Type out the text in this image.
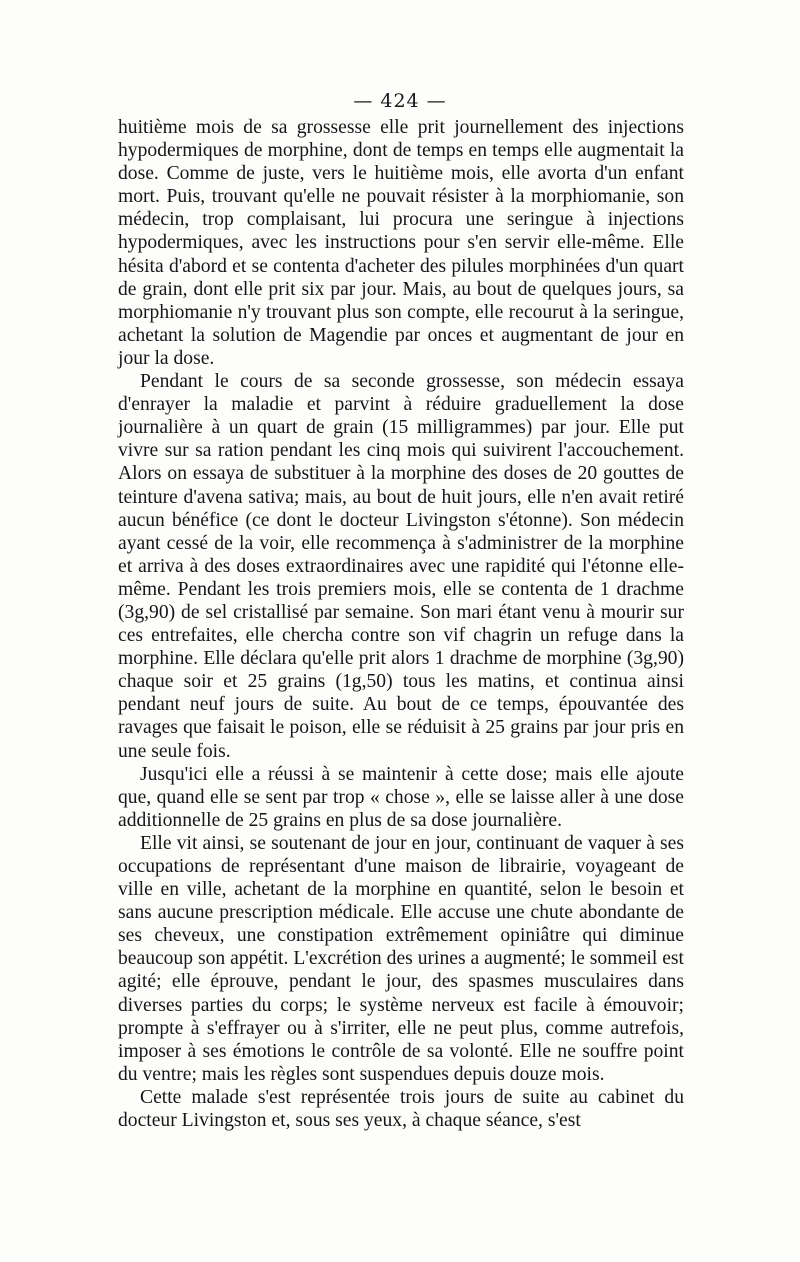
— 424 —

huitième mois de sa grossesse elle prit journellement des injections hypodermiques de morphine, dont de temps en temps elle augmentait la dose. Comme de juste, vers le huitième mois, elle avorta d'un enfant mort. Puis, trouvant qu'elle ne pouvait résister à la morphiomanie, son médecin, trop complaisant, lui procura une seringue à injections hypodermiques, avec les instructions pour s'en servir elle-même. Elle hésita d'abord et se contenta d'acheter des pilules morphinées d'un quart de grain, dont elle prit six par jour. Mais, au bout de quelques jours, sa morphiomanie n'y trouvant plus son compte, elle recourut à la seringue, achetant la solution de Magendie par onces et augmentant de jour en jour la dose.

Pendant le cours de sa seconde grossesse, son médecin essaya d'enrayer la maladie et parvint à réduire graduellement la dose journalière à un quart de grain (15 milligrammes) par jour. Elle put vivre sur sa ration pendant les cinq mois qui suivirent l'accouchement. Alors on essaya de substituer à la morphine des doses de 20 gouttes de teinture d'avena sativa; mais, au bout de huit jours, elle n'en avait retiré aucun bénéfice (ce dont le docteur Livingston s'étonne). Son médecin ayant cessé de la voir, elle recommença à s'administrer de la morphine et arriva à des doses extraordinaires avec une rapidité qui l'étonne elle-même. Pendant les trois premiers mois, elle se contenta de 1 drachme (3g,90) de sel cristallisé par semaine. Son mari étant venu à mourir sur ces entrefaites, elle chercha contre son vif chagrin un refuge dans la morphine. Elle déclara qu'elle prit alors 1 drachme de morphine (3g,90) chaque soir et 25 grains (1g,50) tous les matins, et continua ainsi pendant neuf jours de suite. Au bout de ce temps, épouvantée des ravages que faisait le poison, elle se réduisit à 25 grains par jour pris en une seule fois.

Jusqu'ici elle a réussi à se maintenir à cette dose; mais elle ajoute que, quand elle se sent par trop « chose », elle se laisse aller à une dose additionnelle de 25 grains en plus de sa dose journalière.

Elle vit ainsi, se soutenant de jour en jour, continuant de vaquer à ses occupations de représentant d'une maison de librairie, voyageant de ville en ville, achetant de la morphine en quantité, selon le besoin et sans aucune prescription médicale. Elle accuse une chute abondante de ses cheveux, une constipation extrêmement opiniâtre qui diminue beaucoup son appétit. L'excrétion des urines a augmenté; le sommeil est agité; elle éprouve, pendant le jour, des spasmes musculaires dans diverses parties du corps; le système nerveux est facile à émouvoir; prompte à s'effrayer ou à s'irriter, elle ne peut plus, comme autrefois, imposer à ses émotions le contrôle de sa volonté. Elle ne souffre point du ventre; mais les règles sont suspendues depuis douze mois.

Cette malade s'est représentée trois jours de suite au cabinet du docteur Livingston et, sous ses yeux, à chaque séance, s'est
